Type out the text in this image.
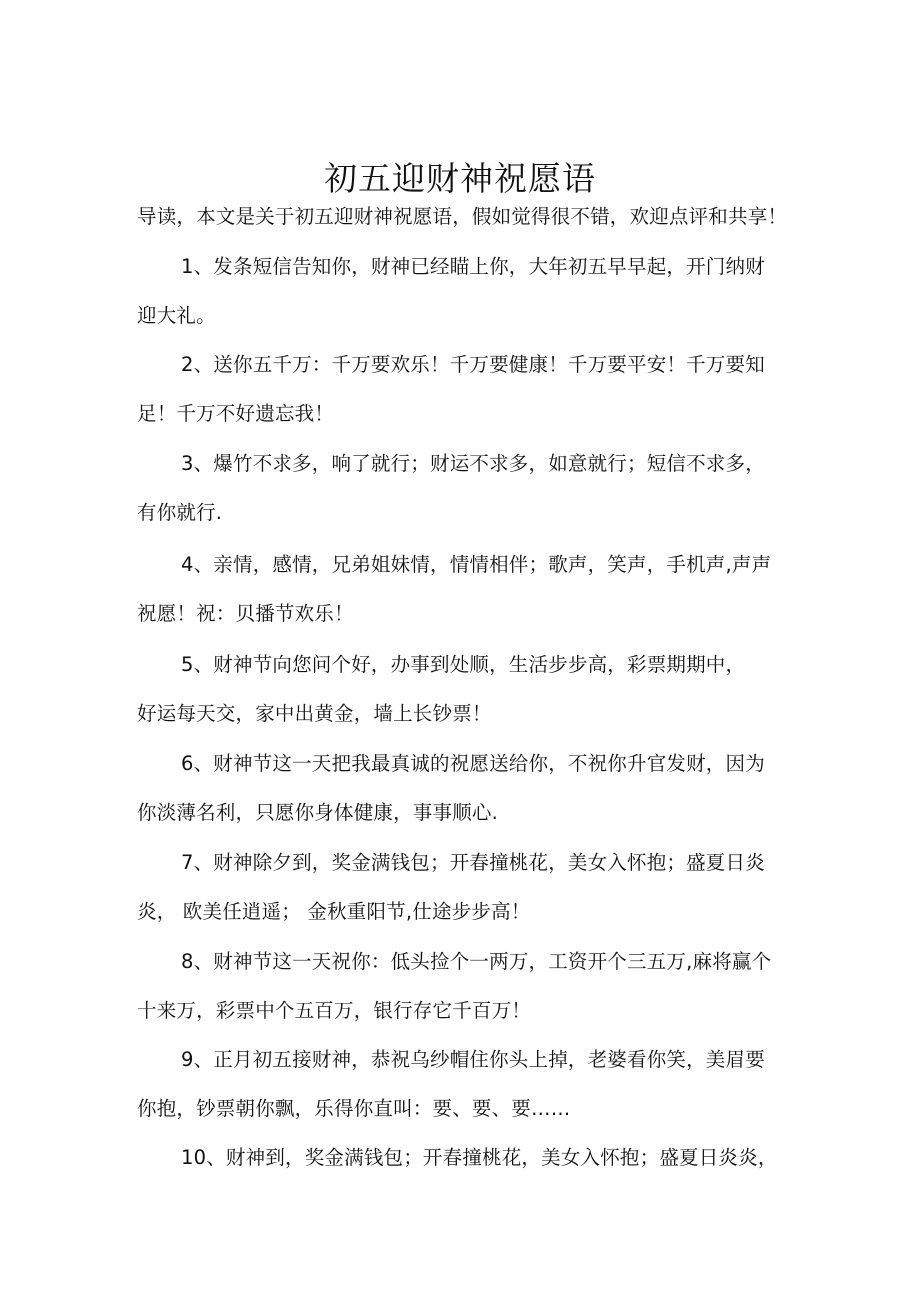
初五迎财神祝愿语

导读，本文是关于初五迎财神祝愿语，假如觉得很不错，欢迎点评和共享！

1、发条短信告知你，财神已经瞄上你，大年初五早早起，开门纳财

迎大礼。

2、送你五千万：千万要欢乐！千万要健康！千万要平安！千万要知

足！千万不好遗忘我！

3、爆竹不求多，响了就行；财运不求多，如意就行；短信不求多，

有你就行.

4、亲情，感情，兄弟姐妹情，情情相伴；歌声，笑声，手机声,声声

祝愿！祝：贝播节欢乐！

5、财神节向您问个好，办事到处顺，生活步步高，彩票期期中，

好运每天交，家中出黄金，墙上长钞票！

6、财神节这一天把我最真诚的祝愿送给你，不祝你升官发财，因为

你淡薄名利，只愿你身体健康，事事顺心.

7、财神除夕到，奖金满钱包；开春撞桃花，美女入怀抱；盛夏日炎

炎， 欧美任逍遥； 金秋重阳节,仕途步步高！

8、财神节这一天祝你：低头捡个一两万，工资开个三五万,麻将赢个

十来万，彩票中个五百万，银行存它千百万！

9、正月初五接财神，恭祝乌纱帽住你头上掉，老婆看你笑，美眉要

你抱，钞票朝你飘，乐得你直叫：要、要、要……

10、财神到，奖金满钱包；开春撞桃花，美女入怀抱；盛夏日炎炎，
